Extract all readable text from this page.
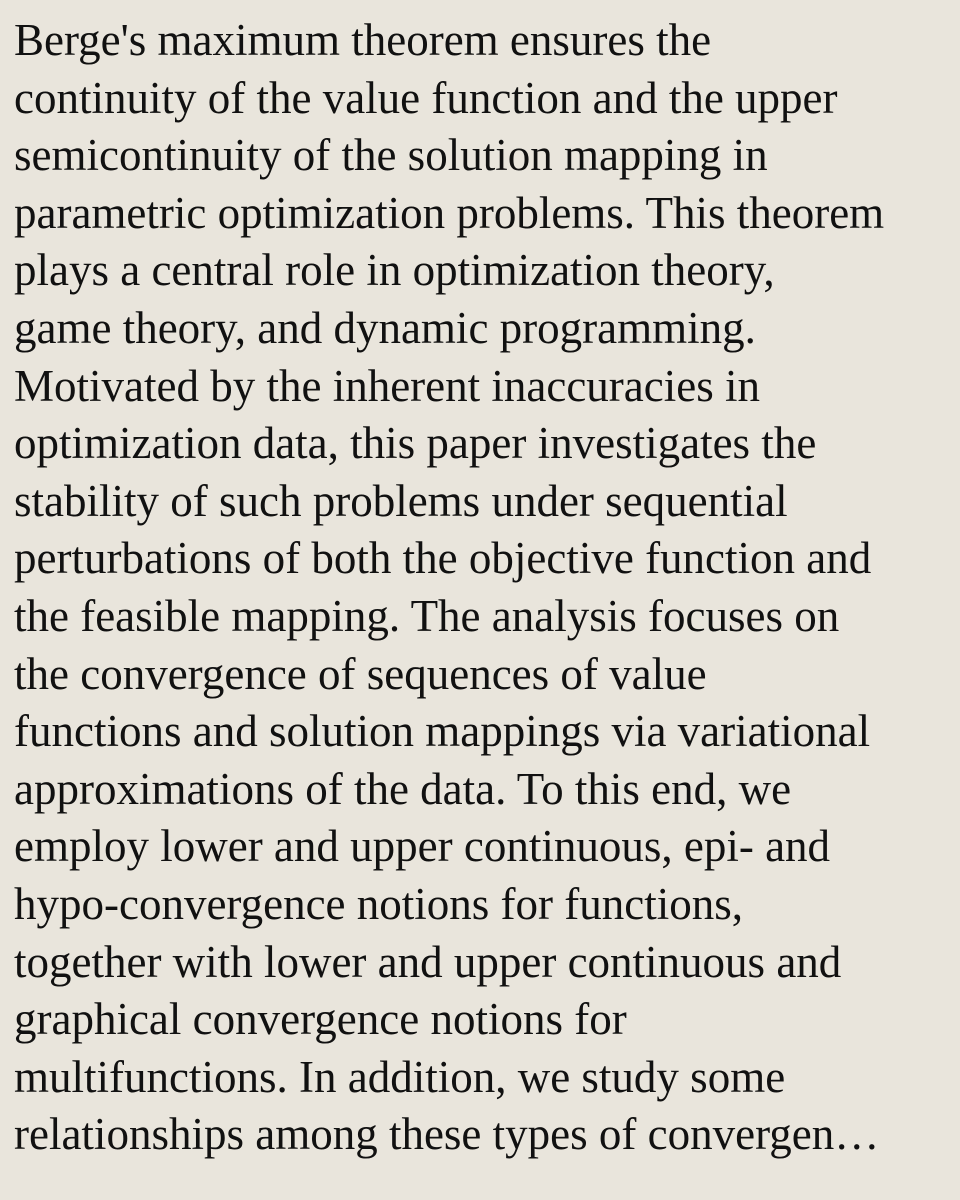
Berge's maximum theorem ensures the
continuity of the value function and the upper
semicontinuity of the solution mapping in
parametric optimization problems. This theorem
plays a central role in optimization theory,
game theory, and dynamic programming.
Motivated by the inherent inaccuracies in
optimization data, this paper investigates the
stability of such problems under sequential
perturbations of both the objective function and
the feasible mapping. The analysis focuses on
the convergence of sequences of value
functions and solution mappings via variational
approximations of the data. To this end, we
employ lower and upper continuous, epi- and
hypo-convergence notions for functions,
together with lower and upper continuous and
graphical convergence notions for
multifunctions. In addition, we study some
relationships among these types of convergen…
